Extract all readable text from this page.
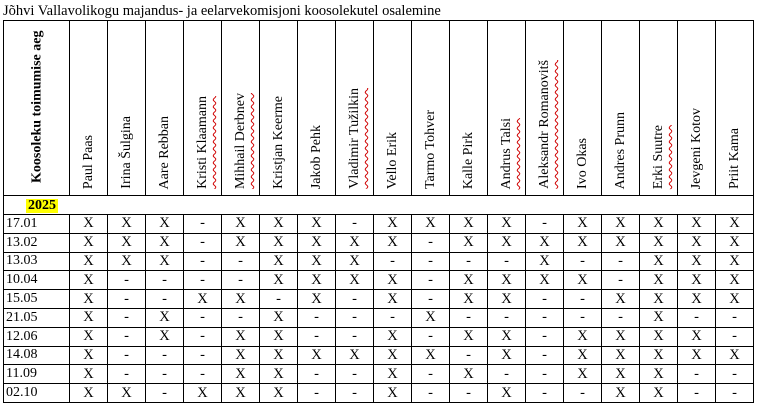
Jõhvi Vallavolikogu majandus- ja eelarvekomisjoni koosolekutel osalemine
Koosoleku toimumise aeg	Paul Paas	Irina Šulgina	Aare Rebban	Kristi Klaamann	Mihhail Derbnev	Kristjan Keerme	Jakob Pehk	Vladimir Tužilkin	Vello Erik	Tarmo Tohver	Kalle Pirk	Andrus Talsi	Aleksandr Romanovitš	Ivo Okas	Andres Prunn	Erki Suutre	Jevgeni Kotov	Priit Kama

2025																		
17.01	X	X	X	-	X	X	X	-	X	X	X	X	-	X	X	X	X	X
13.02	X	X	X	-	X	X	X	X	X	-	X	X	X	X	X	X	X	X
13.03	X	X	X	-	-	X	X	X	-	-	-	-	X	-	-	X	X	X
10.04	X	-	-	-	-	X	X	X	X	-	X	X	X	X	-	X	X	X
15.05	X	-	-	X	X	-	X	-	X	-	X	X	-	-	X	X	X	X
21.05	X	-	X	-	-	X	-	-	-	X	-	-	-	-	-	X	-	-
12.06	X	-	X	-	X	X	-	-	X	-	X	X	-	X	X	X	X	-
14.08	X	-	-	-	X	X	X	X	X	X	-	X	-	X	X	X	X	X
11.09	X	-	-	-	X	X	-	-	X	-	X	-	-	X	X	X	-	-
02.10	X	X	-	X	X	X	-	-	X	-	-	X	-	-	X	X	-	-
